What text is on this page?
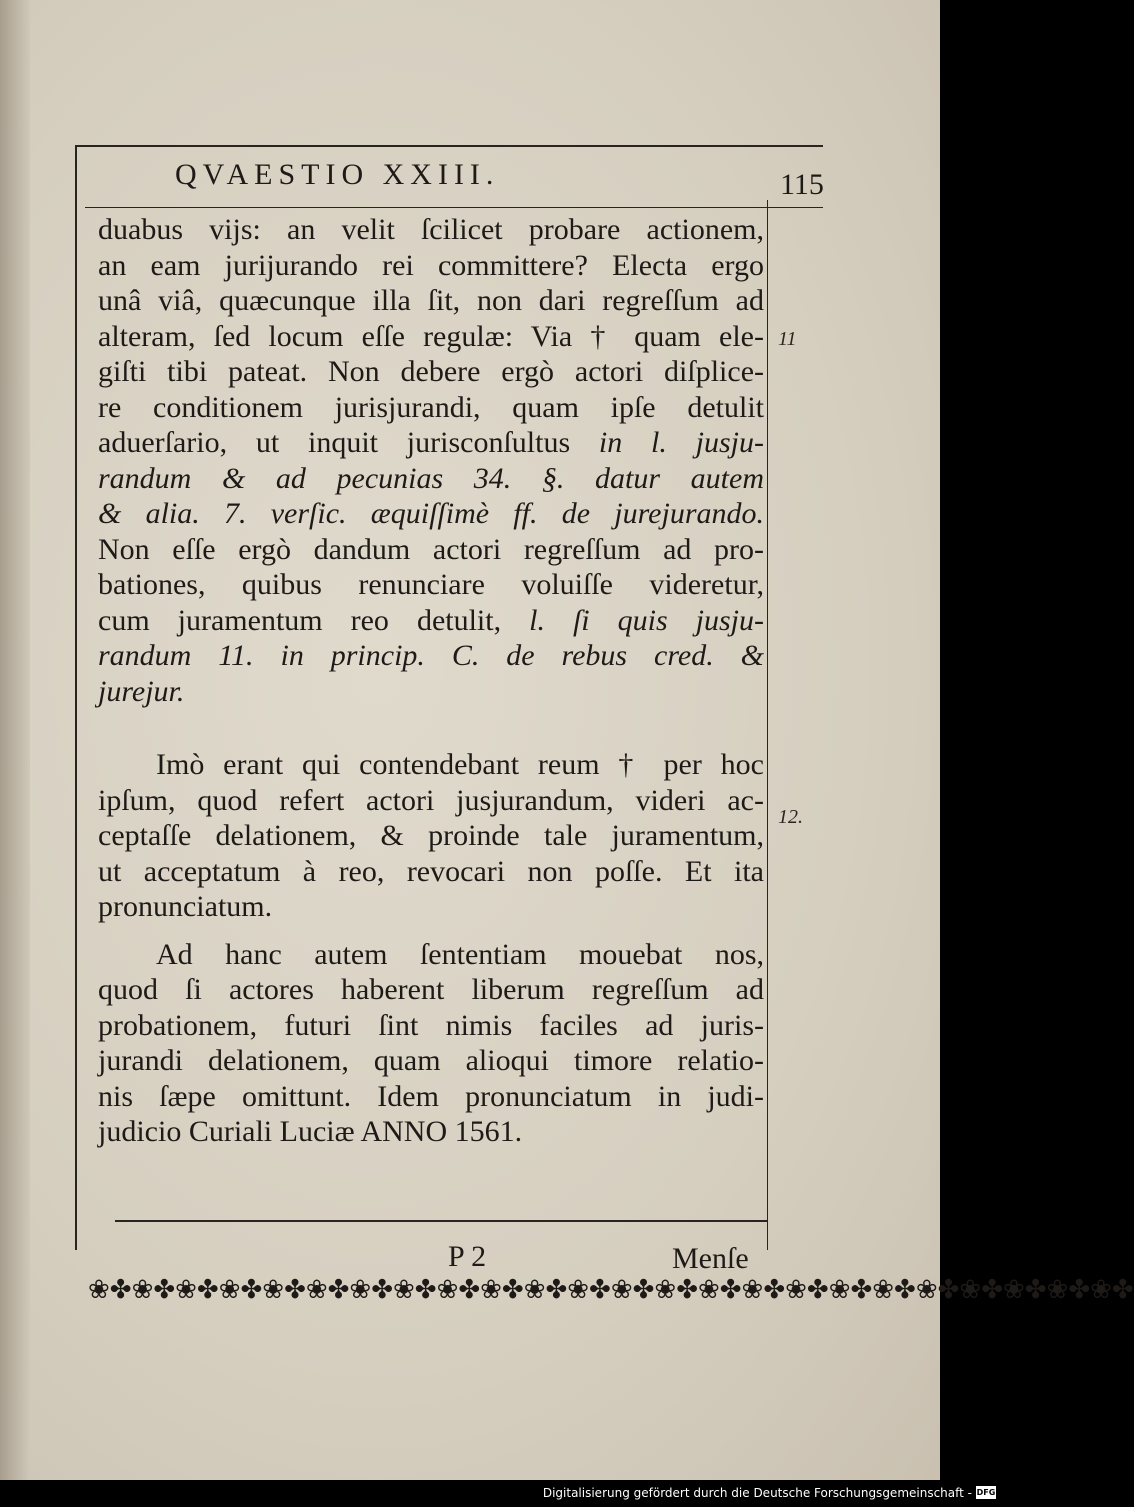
QVAESTIO XXIII.	115
duabus vijs: an velit ſcilicet probare actionem,
an eam jurijurando rei committere? Electa ergo
unâ viâ, quæcunque illa ſit, non dari regreſſum ad
alteram, ſed locum eſſe regulæ: Via † quam ele-
giſti tibi pateat. Non debere ergò actori diſplice-
re conditionem jurisjurandi, quam ipſe detulit
aduerſario, ut inquit jurisconſultus in l. jusju-
randum & ad pecunias 34. §. datur autem
& alia. 7. verſic. æquiſſimè ff. de jurejurando.
Non eſſe ergò dandum actori regreſſum ad pro-
bationes, quibus renunciare voluiſſe videretur,
cum juramentum reo detulit, l. ſi quis jusju-
randum 11. in princip. C. de rebus cred. &
jurejur.
Imò erant qui contendebant reum † per hoc
ipſum, quod refert actori jusjurandum, videri ac-
ceptaſſe delationem, & proinde tale juramentum,
ut acceptatum à reo, revocari non poſſe. Et ita
pronunciatum.
Ad hanc autem ſententiam mouebat nos,
quod ſi actores haberent liberum regreſſum ad
probationem, futuri ſint nimis faciles ad juris-
jurandi delationem, quam alioqui timore relatio-
nis ſæpe omittunt. Idem pronunciatum in judi-
judicio Curiali Luciæ ANNO 1561.
11
12.
P 2	Menſe
❀✤❀✤❀✤❀✤❀✤❀✤❀✤❀✤❀✤❀✤❀✤❀✤❀✤❀✤❀✤❀✤❀✤❀✤❀✤❀✤❀✤❀✤❀✤❀✤
Digitalisierung gefördert durch die Deutsche Forschungsgemeinschaft - DFG
